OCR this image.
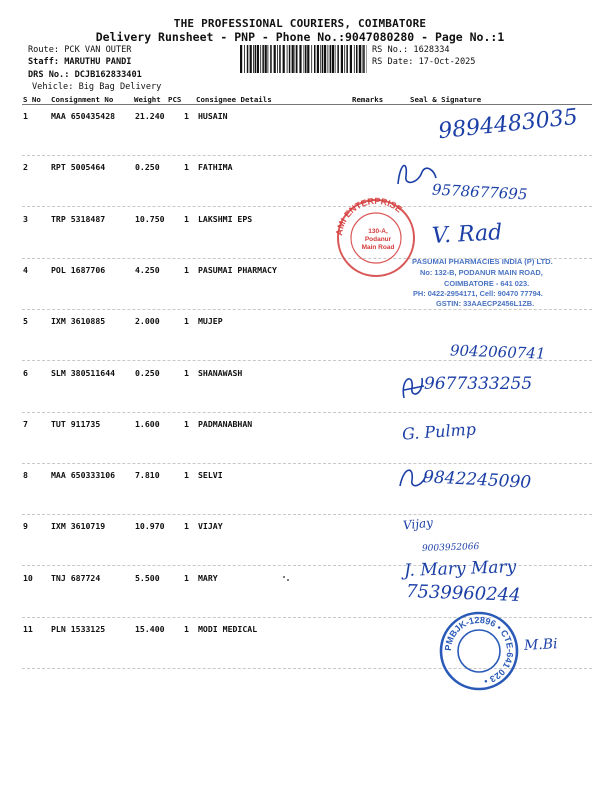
THE PROFESSIONAL COURIERS, COIMBATORE
Delivery Runsheet - PNP - Phone No.:9047080280 - Page No.:1
Route: PCK VAN OUTER
Staff: MARUTHU PANDI
DRS No.: DCJB162833401
Vehicle: Big Bag Delivery
RS No.: 1628334
RS Date: 17-Oct-2025
S No Consignment No	Weight PCS Consignee Details	Remarks	Seal & Signature
1	MAA 650435428 21.240 1 HUSAIN
2	RPT 5005464	0.250	1 FATHIMA
3	TRP 5318487	10.750 1 LAKSHMI EPS
4	POL 1687706	4.250	1 PASUMAI PHARMACY
5	IXM 3610885	2.000	1 MUJEP
6	SLM 380511644 0.250	1 SHANAWASH
7	TUT 911735	1.600	1 PADMANABHAN
8	MAA 650333106 7.810	1 SELVI
9	IXM 3610719	10.970 1 VIJAY
10 TNJ 687724	5.500	1 MARY
11 PLN 1533125	15.400 1 MODI MEDICAL
AMI ENTERPRISE
130-A,
Podanur
Main Road
PASUMAI PHARMACIES INDIA (P) LTD.
No: 132-B, PODANUR MAIN ROAD,
COIMBATORE - 641 023.
PH: 0422-2954171, Cell: 90470 77794.
GSTIN: 33AAECP2456L1ZB.
PMBJK-12896 • CTE-641 023 •
9894483035
9578677695
V. Rad
9042060741
9677333255
G. Pulmp
9842245090
Vijay
9003952066
J. Mary Mary
7539960244
M.Bi
